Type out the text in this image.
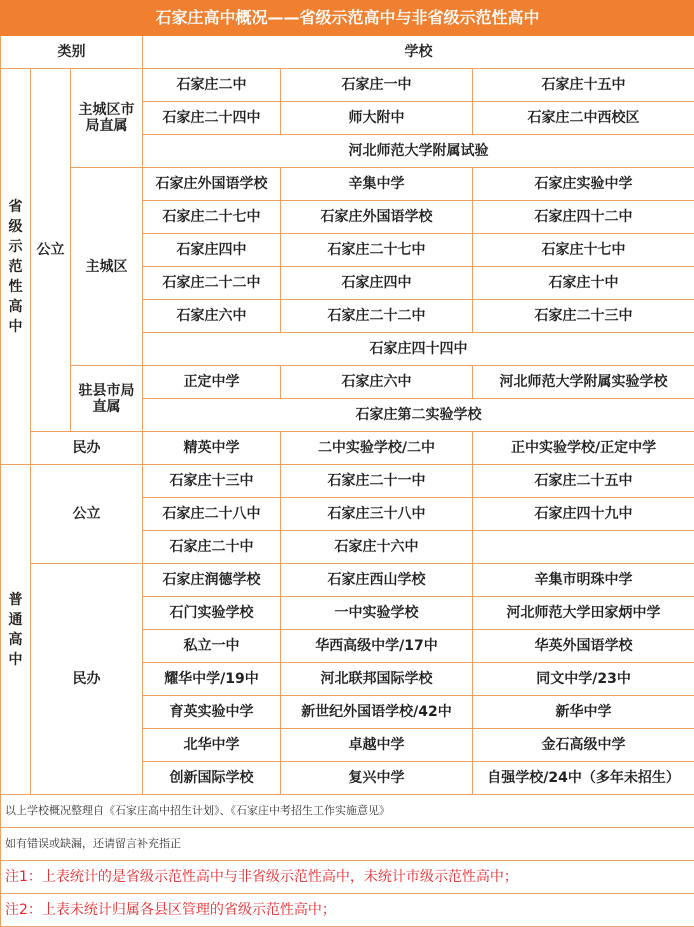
石家庄高中概况——省级示范高中与非省级示范性高中					
类别			学校		
省级示范性高中	公立	主城区市局直属	石家庄二中	石家庄一中	石家庄十五中
			石家庄二十四中	师大附中	石家庄二中西校区
			河北师范大学附属试验		
		主城区	石家庄外国语学校	辛集中学	石家庄实验中学
			石家庄二十七中	石家庄外国语学校	石家庄四十二中
			石家庄四中	石家庄二十七中	石家庄十七中
			石家庄二十二中	石家庄四中	石家庄十中
			石家庄六中	石家庄二十二中	石家庄二十三中
			石家庄四十四中		
		驻县市局直属	正定中学	石家庄六中	河北师范大学附属实验学校
			石家庄第二实验学校		
	民办		精英中学	二中实验学校/二中	正中实验学校/正定中学
普通高中	公立		石家庄十三中	石家庄二十一中	石家庄二十五中
			石家庄二十八中	石家庄三十八中	石家庄四十九中
			石家庄二十中	石家庄十六中	
	民办		石家庄润德学校	石家庄西山学校	辛集市明珠中学
			石门实验学校	一中实验学校	河北师范大学田家炳中学
			私立一中	华西高级中学/17中	华英外国语学校
			耀华中学/19中	河北联邦国际学校	同文中学/23中
			育英实验中学	新世纪外国语学校/42中	新华中学
			北华中学	卓越中学	金石高级中学
			创新国际学校	复兴中学	自强学校/24中（多年未招生）
以上学校概况整理自《石家庄高中招生计划》、《石家庄中考招生工作实施意见》					
如有错误或缺漏，还请留言补充指正					
注1：上表统计的是省级示范性高中与非省级示范性高中，未统计市级示范性高中；					
注2：上表未统计归属各县区管理的省级示范性高中；					
